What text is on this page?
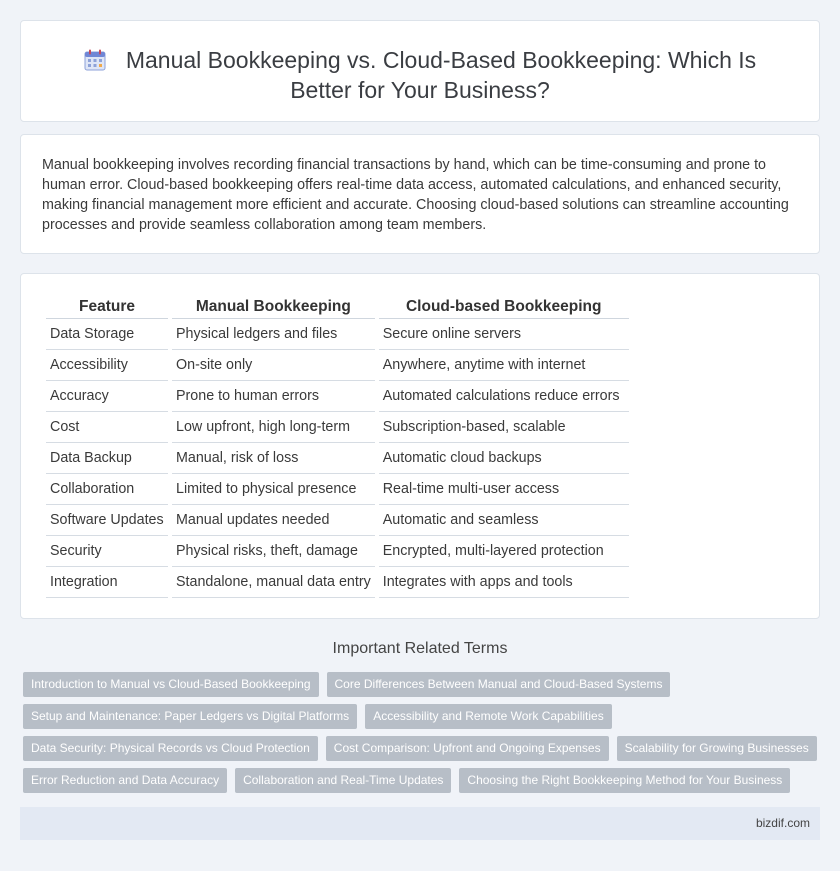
Manual Bookkeeping vs. Cloud-Based Bookkeeping: Which Is
Better for Your Business?

Manual bookkeeping involves recording financial transactions by hand, which can be time-consuming and prone to human error. Cloud-based bookkeeping offers real-time data access, automated calculations, and enhanced security, making financial management more efficient and accurate. Choosing cloud-based solutions can streamline accounting processes and provide seamless collaboration among team members.

Feature	Manual Bookkeeping	Cloud-based Bookkeeping
Data Storage	Physical ledgers and files	Secure online servers
Accessibility	On-site only	Anywhere, anytime with internet
Accuracy	Prone to human errors	Automated calculations reduce errors
Cost	Low upfront, high long-term	Subscription-based, scalable
Data Backup	Manual, risk of loss	Automatic cloud backups
Collaboration	Limited to physical presence	Real-time multi-user access
Software Updates	Manual updates needed	Automatic and seamless
Security	Physical risks, theft, damage	Encrypted, multi-layered protection
Integration	Standalone, manual data entry	Integrates with apps and tools
Important Related Terms
Introduction to Manual vs Cloud-Based Bookkeeping	Core Differences Between Manual and Cloud-Based Systems
Setup and Maintenance: Paper Ledgers vs Digital Platforms	Accessibility and Remote Work Capabilities
Data Security: Physical Records vs Cloud Protection	Cost Comparison: Upfront and Ongoing Expenses	Scalability for Growing Businesses
Error Reduction and Data Accuracy	Collaboration and Real-Time Updates	Choosing the Right Bookkeeping Method for Your Business
bizdif.com
